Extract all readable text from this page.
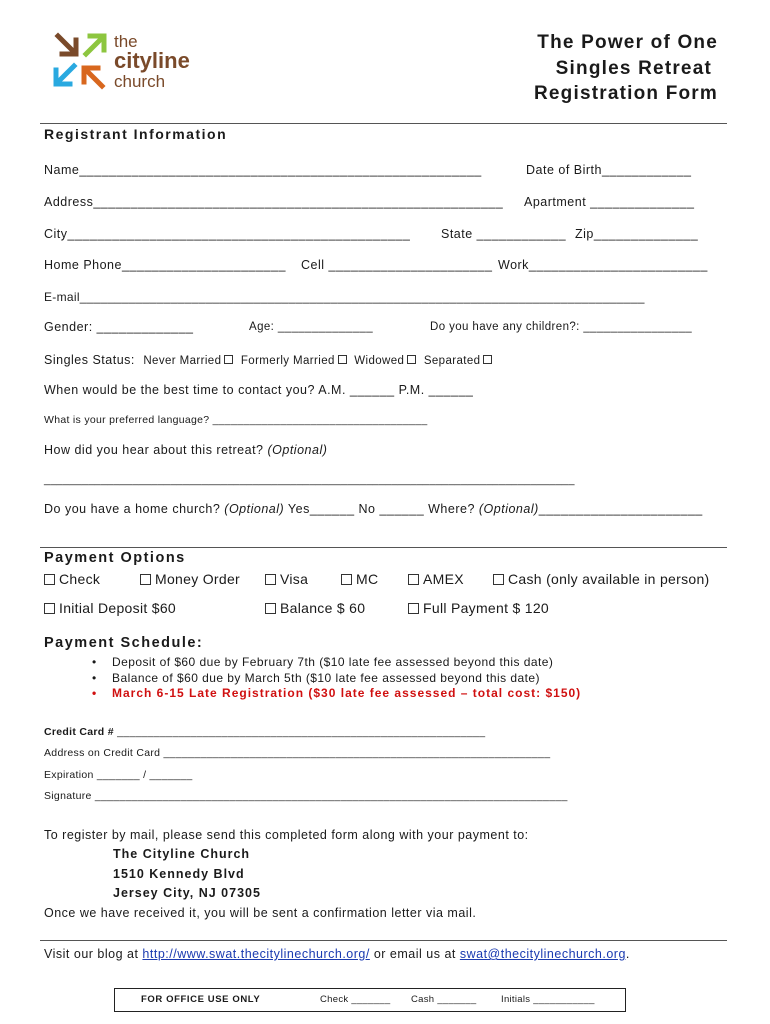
the
cityline
church
The Power of One
Singles Retreat
Registration Form
Registrant Information
Name______________________________________________________	Date of Birth____________
Address_______________________________________________________ Apartment ______________
City______________________________________________ State ____________ Zip______________
Home Phone______________________ Cell ______________________ Work________________________
E-mail_________________________________________________________________________________
Gender: _____________	Age: ______________	Do you have any children?: ________________
Singles Status: Never Married Formerly Married Widowed Separated
When would be the best time to contact you? A.M. ______ P.M. ______
What is your preferred language? ___________________________________
How did you hear about this retreat? (Optional)
____________________________________________________________________________________
Do you have a home church? (Optional) Yes______ No ______ Where? (Optional)______________________
Payment Options
Check	Money Order	Visa	MC	AMEX	Cash (only available in person)
Initial Deposit $60	Balance $ 60	Full Payment $ 120
Payment Schedule:
• Deposit of $60 due by February 7th ($10 late fee assessed beyond this date)
• Balance of $60 due by March 5th ($10 late fee assessed beyond this date)
• March 6-15 Late Registration ($30 late fee assessed – total cost: $150)
Credit Card # ____________________________________________________________
Address on Credit Card _______________________________________________________________
Expiration _______ / _______
Signature _____________________________________________________________________________
To register by mail, please send this completed form along with your payment to:
The Cityline Church
1510 Kennedy Blvd
Jersey City, NJ 07305
Once we have received it, you will be sent a confirmation letter via mail.
Visit our blog at http://www.swat.thecitylinechurch.org/ or email us at swat@thecitylinechurch.org.
FOR OFFICE USE ONLY	Check _______ Cash _______	Initials ___________
